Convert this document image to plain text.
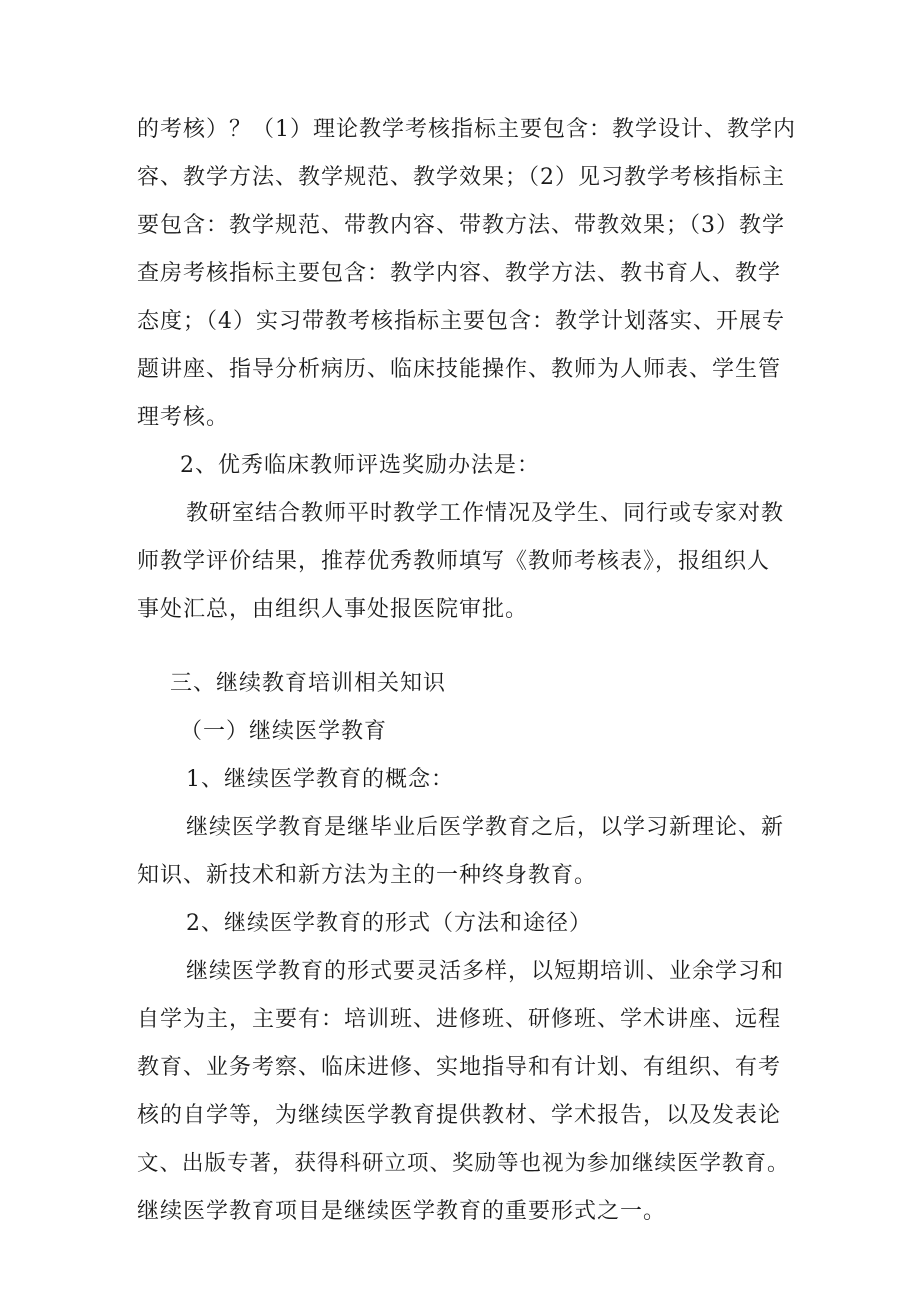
的考核）？（1）理论教学考核指标主要包含：教学设计、教学内
容、教学方法、教学规范、教学效果；（2）见习教学考核指标主
要包含：教学规范、带教内容、带教方法、带教效果；（3）教学
查房考核指标主要包含：教学内容、教学方法、教书育人、教学
态度；（4）实习带教考核指标主要包含：教学计划落实、开展专
题讲座、指导分析病历、临床技能操作、教师为人师表、学生管
理考核。
2、优秀临床教师评选奖励办法是：
教研室结合教师平时教学工作情况及学生、同行或专家对教
师教学评价结果，推荐优秀教师填写《教师考核表》，报组织人
事处汇总，由组织人事处报医院审批。
三、继续教育培训相关知识
（一）继续医学教育
1、继续医学教育的概念：
继续医学教育是继毕业后医学教育之后，以学习新理论、新
知识、新技术和新方法为主的一种终身教育。
2、继续医学教育的形式（方法和途径）
继续医学教育的形式要灵活多样，以短期培训、业余学习和
自学为主，主要有：培训班、进修班、研修班、学术讲座、远程
教育、业务考察、临床进修、实地指导和有计划、有组织、有考
核的自学等，为继续医学教育提供教材、学术报告，以及发表论
文、出版专著，获得科研立项、奖励等也视为参加继续医学教育。
继续医学教育项目是继续医学教育的重要形式之一。
